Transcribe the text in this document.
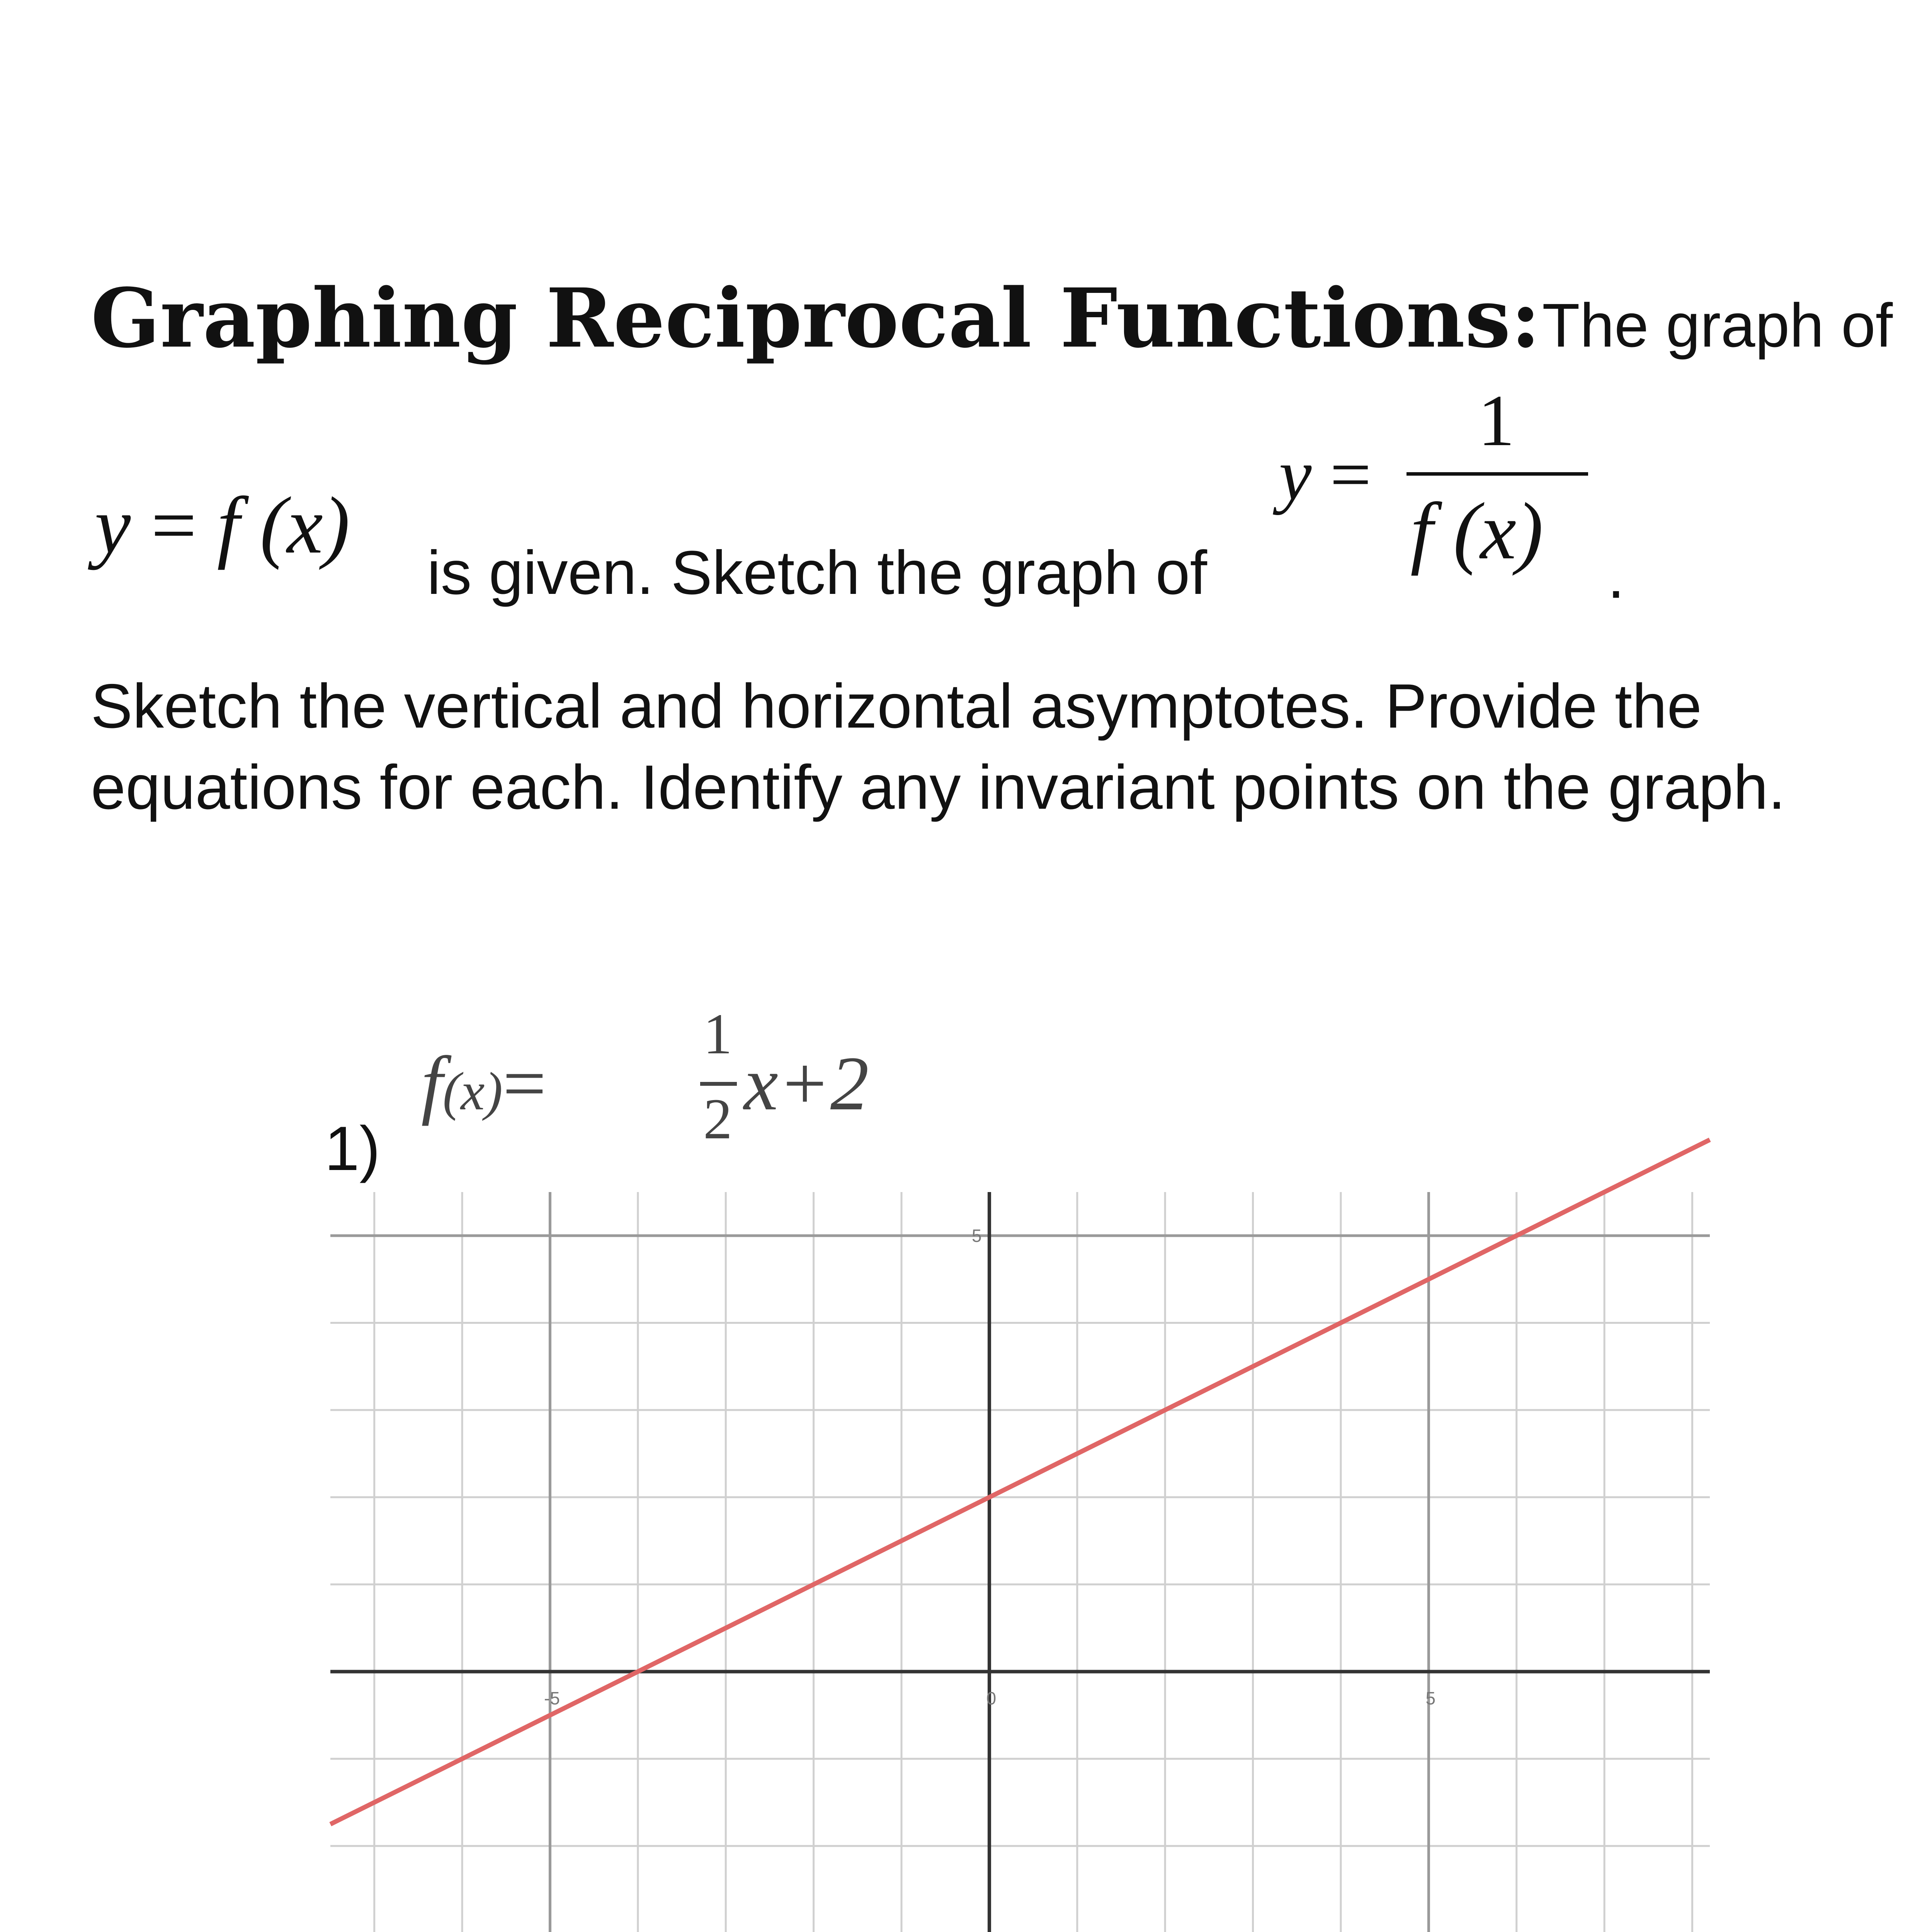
Graphing Reciprocal Functions: The graph of
y = f (x)
is given. Sketch the graph of
y =
1
f (x)
.
Sketch the vertical and horizontal asymptotes. Provide the
equations for each. Identify any invariant points on the graph.
1)
f(x)=
1
2 x+2
-5	0	5
5
